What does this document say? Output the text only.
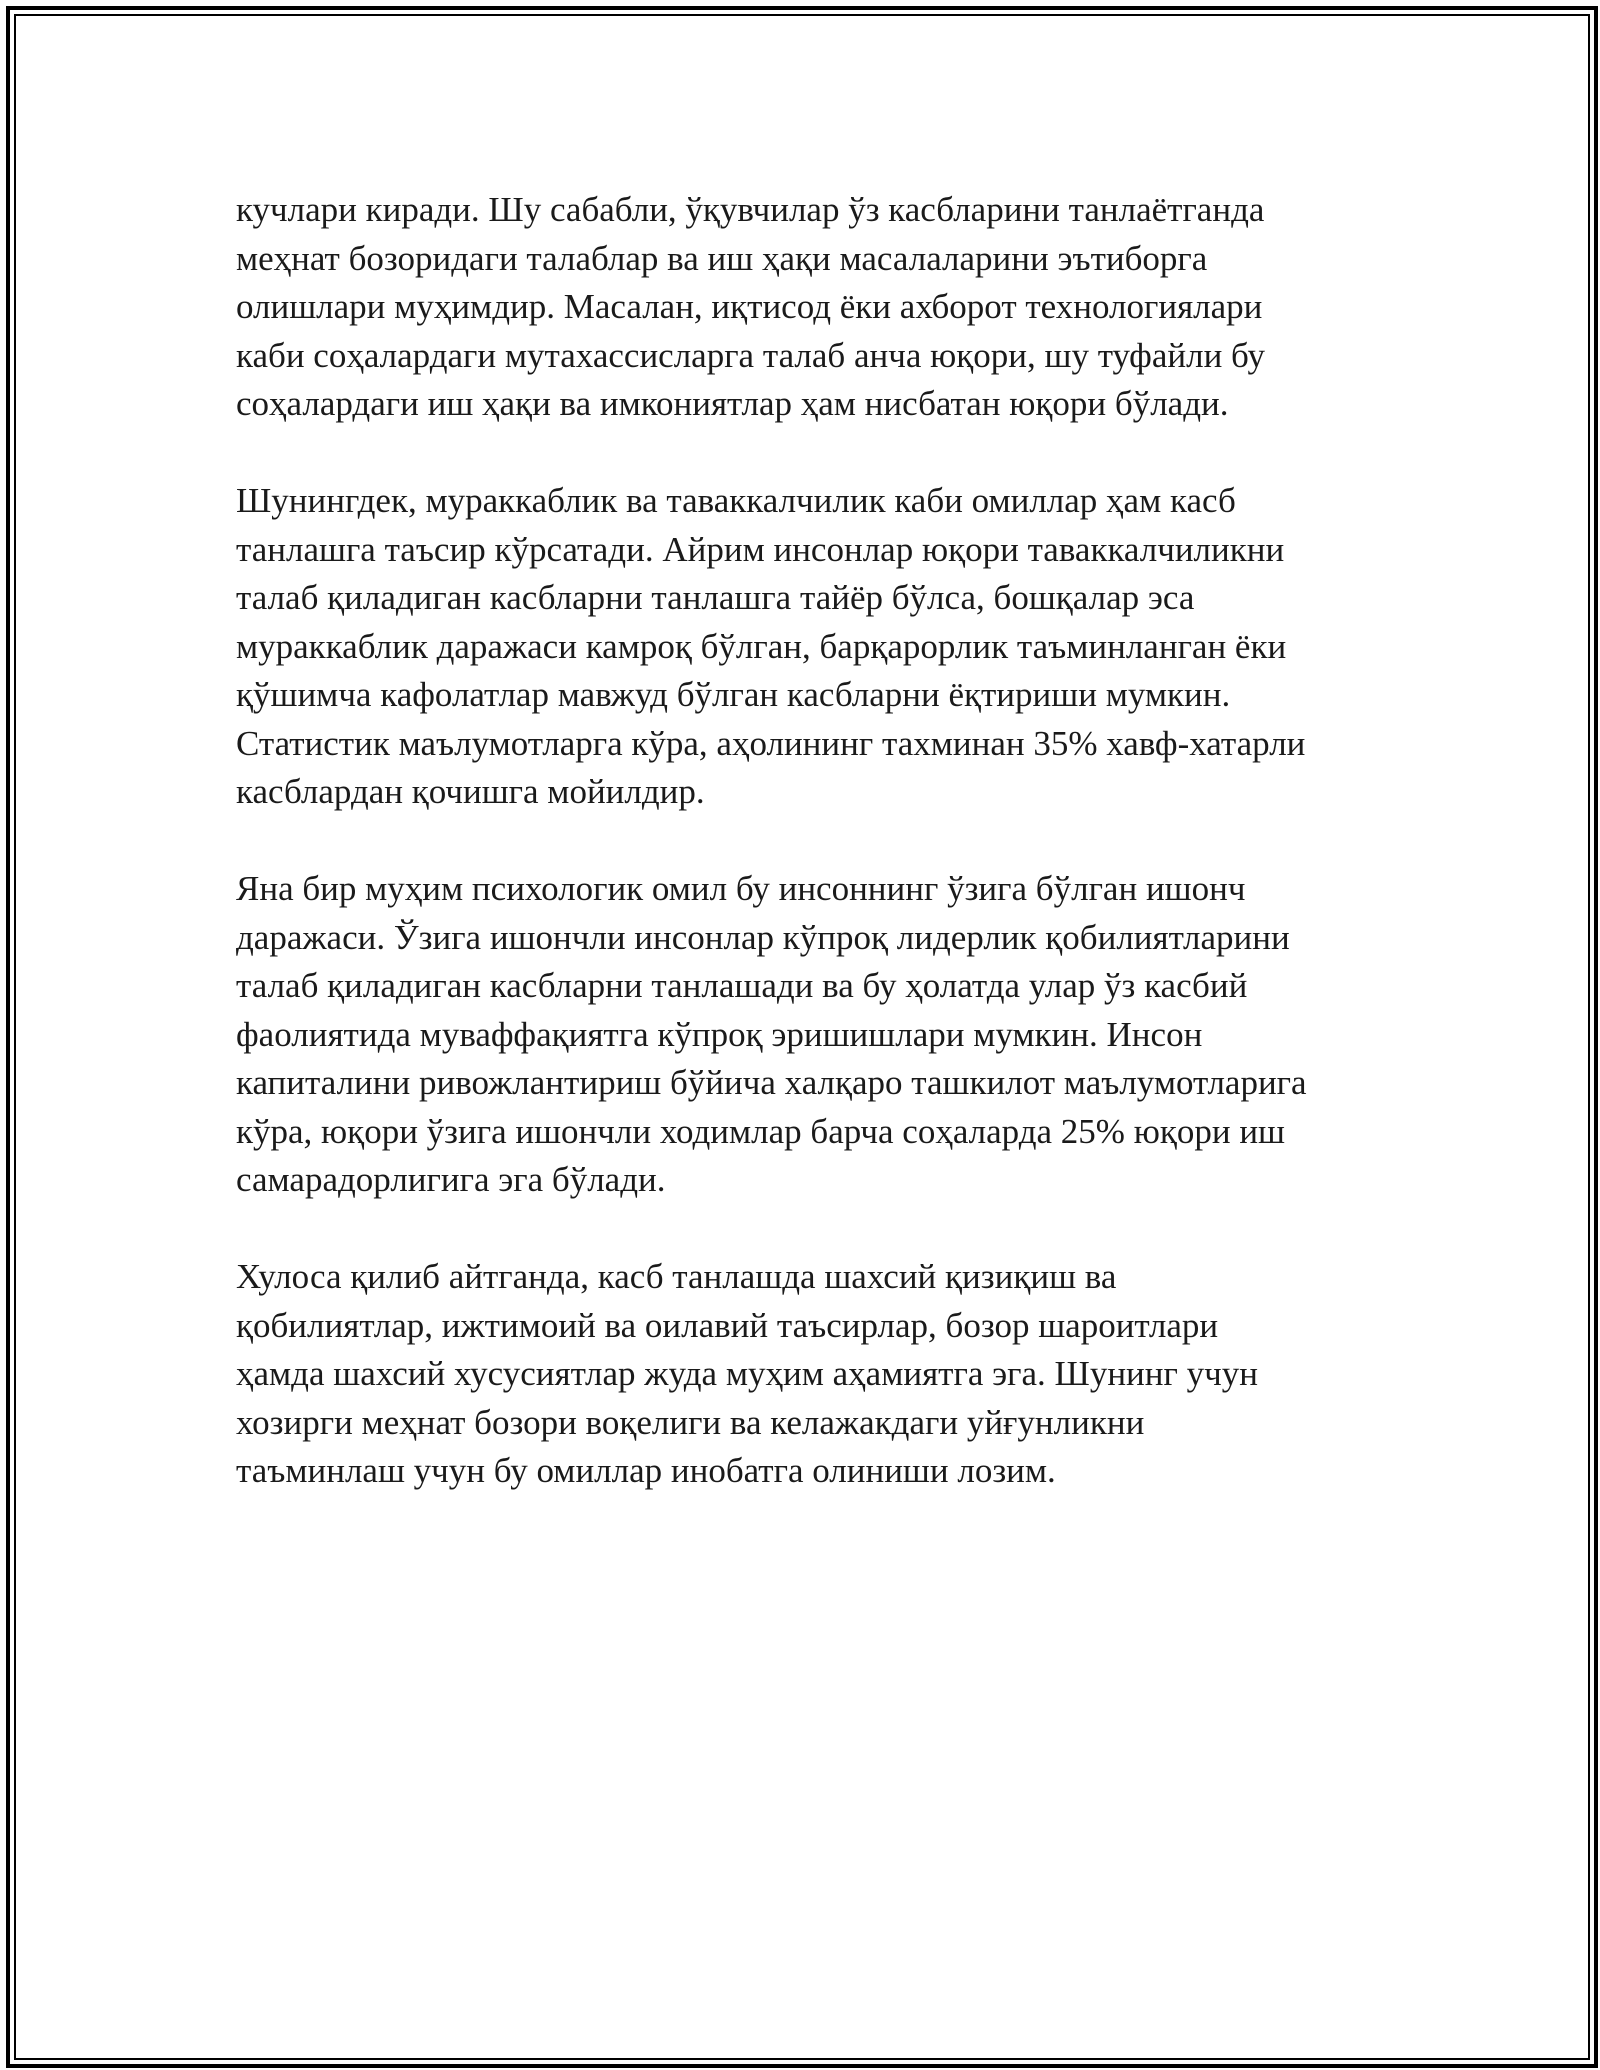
кучлари киради. Шу сабабли, ўқувчилар ўз касбларини танлаётганда
меҳнат бозоридаги талаблар ва иш ҳақи масалаларини эътиборга
олишлари муҳимдир. Масалан, иқтисод ёки ахборот технологиялари
каби соҳалардаги мутахассисларга талаб анча юқори, шу туфайли бу
соҳалардаги иш ҳақи ва имкониятлар ҳам нисбатан юқори бўлади.

Шунингдек, мураккаблик ва таваккалчилик каби омиллар ҳам касб
танлашга таъсир кўрсатади. Айрим инсонлар юқори таваккалчиликни
талаб қиладиган касбларни танлашга тайёр бўлса, бошқалар эса
мураккаблик даражаси камроқ бўлган, барқарорлик таъминланган ёки
қўшимча кафолатлар мавжуд бўлган касбларни ёқтириши мумкин.
Статистик маълумотларга кўра, аҳолининг тахминан 35% хавф-хатарли
касблардан қочишга мойилдир.

Яна бир муҳим психологик омил бу инсоннинг ўзига бўлган ишонч
даражаси. Ўзига ишончли инсонлар кўпроқ лидерлик қобилиятларини
талаб қиладиган касбларни танлашади ва бу ҳолатда улар ўз касбий
фаолиятида муваффақиятга кўпроқ эришишлари мумкин. Инсон
капиталини ривожлантириш бўйича халқаро ташкилот маълумотларига
кўра, юқори ўзига ишончли ходимлар барча соҳаларда 25% юқори иш
самарадорлигига эга бўлади.

Хулоса қилиб айтганда, касб танлашда шахсий қизиқиш ва
қобилиятлар, ижтимоий ва оилавий таъсирлар, бозор шароитлари
ҳамда шахсий хусусиятлар жуда муҳим аҳамиятга эга. Шунинг учун
хозирги меҳнат бозори воқелиги ва келажакдаги уйғунликни
таъминлаш учун бу омиллар инобатга олиниши лозим.
